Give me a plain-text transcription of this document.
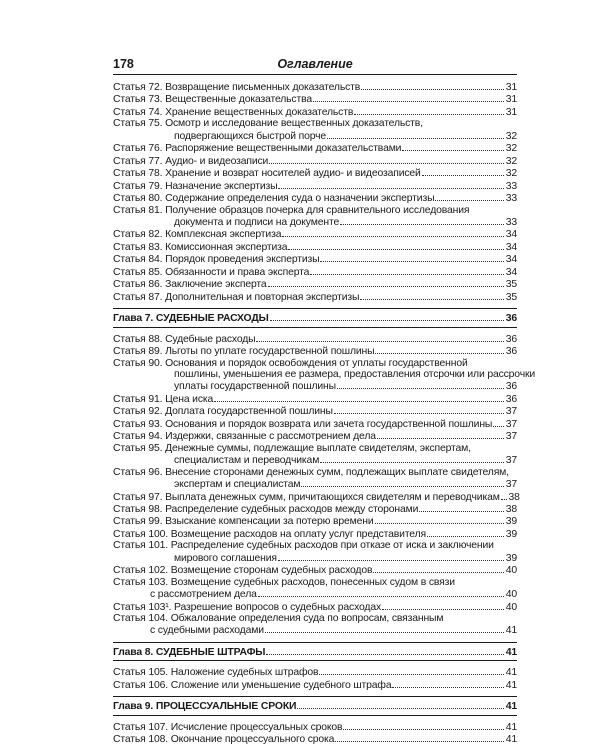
178	Оглавление
Статья 72. Возвращение письменных доказательств	31
Статья 73. Вещественные доказательства	31
Статья 74. Хранение вещественных доказательств	31
Статья 75. Осмотр и исследование вещественных доказательств,
подвергающихся быстрой порче	32
Статья 76. Распоряжение вещественными доказательствами	32
Статья 77. Аудио- и видеозаписи	32
Статья 78. Хранение и возврат носителей аудио- и видеозаписей	32
Статья 79. Назначение экспертизы	33
Статья 80. Содержание определения суда о назначении экспертизы	33
Статья 81. Получение образцов почерка для сравнительного исследования
документа и подписи на документе	33
Статья 82. Комплексная экспертиза	34
Статья 83. Комиссионная экспертиза	34
Статья 84. Порядок проведения экспертизы	34
Статья 85. Обязанности и права эксперта	34
Статья 86. Заключение эксперта	35
Статья 87. Дополнительная и повторная экспертизы	35
Глава 7. СУДЕБНЫЕ РАСХОДЫ	36
Статья 88. Судебные расходы	36
Статья 89. Льготы по уплате государственной пошлины	36
Статья 90. Основания и порядок освобождения от уплаты государственной
пошлины, уменьшения ее размера, предоставления отсрочки или рассрочки
уплаты государственной пошлины	36
Статья 91. Цена иска	36
Статья 92. Доплата государственной пошлины	37
Статья 93. Основания и порядок возврата или зачета государственной пошлины 37
Статья 94. Издержки, связанные с рассмотрением дела	37
Статья 95. Денежные суммы, подлежащие выплате свидетелям, экспертам,
специалистам и переводчикам	37
Статья 96. Внесение сторонами денежных сумм, подлежащих выплате свидетелям,
экспертам и специалистам	37
Статья 97. Выплата денежных сумм, причитающихся свидетелям и переводчикам 38
Статья 98. Распределение судебных расходов между сторонами	38
Статья 99. Взыскание компенсации за потерю времени	39
Статья 100. Возмещение расходов на оплату услуг представителя	39
Статья 101. Распределение судебных расходов при отказе от иска и заключении
мирового соглашения	39
Статья 102. Возмещение сторонам судебных расходов	40
Статья 103. Возмещение судебных расходов, понесенных судом в связи
с рассмотрением дела	40
Статья 103¹. Разрешение вопросов о судебных расходах	40
Статья 104. Обжалование определения суда по вопросам, связанным
с судебными расходами	41
Глава 8. СУДЕБНЫЕ ШТРАФЫ	41
Статья 105. Наложение судебных штрафов	41
Статья 106. Сложение или уменьшение судебного штрафа	41
Глава 9. ПРОЦЕССУАЛЬНЫЕ СРОКИ	41
Статья 107. Исчисление процессуальных сроков	41
Статья 108. Окончание процессуального срока	41
